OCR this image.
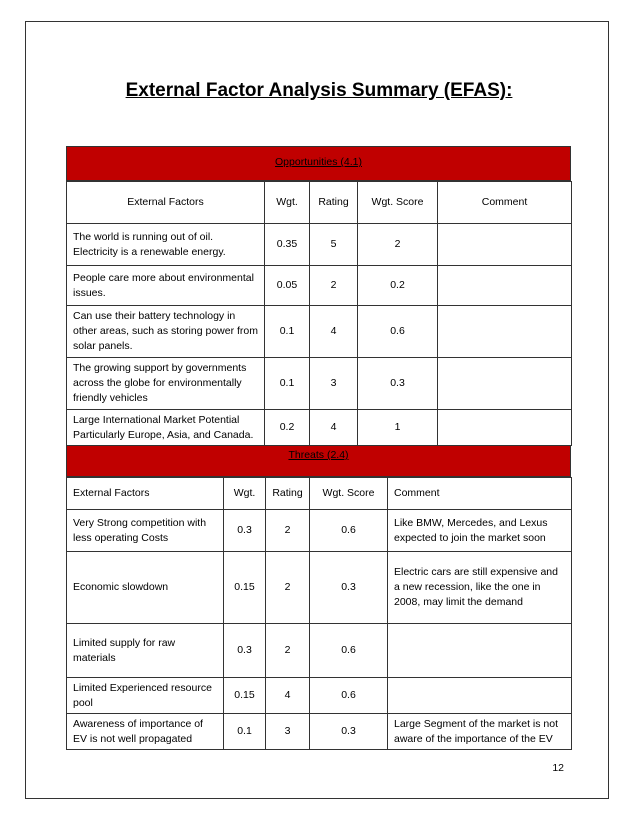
External Factor Analysis Summary (EFAS):
Opportunities (4.1)
External Factors	Wgt.	Rating	Wgt. Score	Comment
The world is running out of oil. Electricity is a renewable energy.	0.35	5	2	
People care more about environmental issues.	0.05	2	0.2	
Can use their battery technology in other areas, such as storing power from solar panels.	0.1	4	0.6	
The growing support by governments across the globe for environmentally friendly vehicles	0.1	3	0.3	
Large International Market Potential Particularly Europe, Asia, and Canada.	0.2	4	1	
Threats (2.4)
External Factors	Wgt.	Rating	Wgt. Score	Comment
Very Strong competition with less operating Costs	0.3	2	0.6	Like BMW, Mercedes, and Lexus expected to join the market soon
Economic slowdown	0.15	2	0.3	Electric cars are still expensive and a new recession, like the one in 2008, may limit the demand
Limited supply for raw materials	0.3	2	0.6	
Limited Experienced resource pool	0.15	4	0.6	
Awareness of importance of EV is not well propagated	0.1	3	0.3	Large Segment of the market is not aware of the importance of the EV
12
